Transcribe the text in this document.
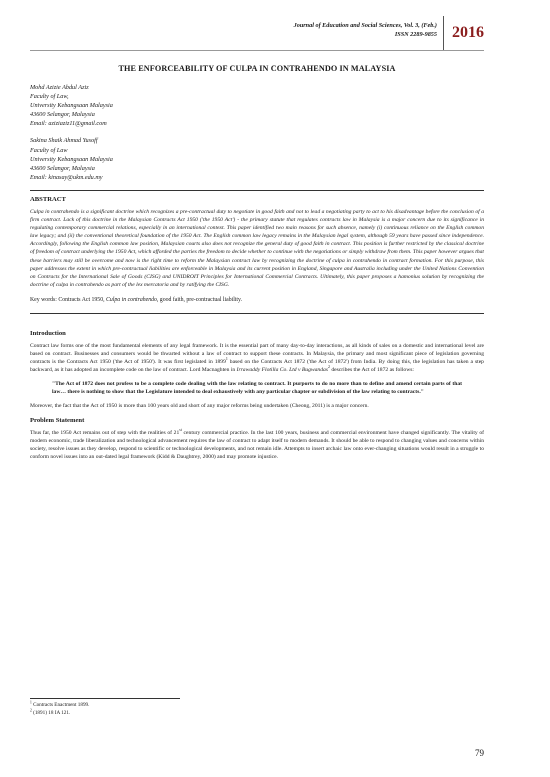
Journal of Education and Social Sciences, Vol. 3, (Feb.)
ISSN 2289-9855 2016
THE ENFORCEABILITY OF CULPA IN CONTRAHENDO IN MALAYSIA
Mohd Azizie Abdul Aziz
Faculty of Law,
University Kebangsaan Malaysia
43600 Selangor, Malaysia
Email: aziziaziz11@gmail.com
Sakina Shaik Ahmad Yusoff
Faculty of Law
University Kebangsaan Malaysia
43600 Selangor, Malaysia
Email: kinasay@ukm.edu.my
ABSTRACT

Culpa in contrahendo is a significant doctrine which recognizes a pre-contractual duty to negotiate in good faith and not to lead a negotiating party to act to his disadvantage before the conclusion of a firm contract. Lack of this doctrine in the Malaysian Contracts Act 1950 ('the 1950 Act') - the primary statute that regulates contracts law in Malaysia is a major concern due to its significance in regulating contemporary commercial relations, especially in an international context. This paper identified two main reasons for such absence, namely (i) continuous reliance on the English common law legacy; and (ii) the conventional theoretical foundation of the 1950 Act. The English common law legacy remains in the Malaysian legal system, although 59 years have passed since independence. Accordingly, following the English common law position, Malaysian courts also does not recognize the general duty of good faith in contract. This position is further restricted by the classical doctrine of freedom of contract underlying the 1950 Act, which afforded the parties the freedom to decide whether to continue with the negotiations or simply withdraw from them. This paper however argues that these barriers may still be overcome and now is the right time to reform the Malaysian contract law by recognizing the doctrine of culpa in contrahendo in contract formation. For this purpose, this paper addresses the extent in which pre-contractual liabilities are enforceable in Malaysia and its current position in England, Singapore and Australia including under the United Nations Convention on Contracts for the International Sale of Goods (CISG) and UNIDROIT Principles for International Commercial Contracts. Ultimately, this paper proposes a hamonius solution by recognizing the doctrine of culpa in contrahendo as part of the lex mercatoria and by ratifying the CISG.

Key words: Contracts Act 1950, Culpa in contrahendo, good faith, pre-contractual liability.
Introduction

Contract law forms one of the most fundamental elements of any legal framework. It is the essential part of many day-to-day interactions, as all kinds of sales on a domestic and international level are based on contract. Businesses and consumers would be thwarted without a law of contract to support these contracts. In Malaysia, the primary and most significant piece of legislation governing contracts is the Contracts Act 1950 ('the Act of 1950'). It was first legislated in 1899$^1$ based on the Contracts Act 1872 ('the Act of 1872') from India. By doing this, the legislation has taken a step backward, as it has adopted an incomplete code on the law of contract. Lord Macnaghten in Irrawaddy Flotilla Co. Ltd v Bugwandas$^2$ describes the Act of 1872 as follows:

"The Act of 1872 does not profess to be a complete code dealing with the law relating to contract. It purports to do no more than to define and amend certain parts of that law… there is nothing to show that the Legislature intended to deal exhaustively with any particular chapter or subdivision of the law relating to contracts."

Moreover, the fact that the Act of 1950 is more than 100 years old and short of any major reforms being undertaken (Cheong, 2011) is a major concern.

Problem Statement

Thus far, the 1950 Act remains out of step with the realities of 21st century commercial practice. In the last 100 years, business and commercial environment have changed significantly. The vitality of modern economic, trade liberalization and technological advancement requires the law of contract to adapt itself to modern demands. It should be able to respond to changing values and concerns within society, resolve issues as they develop, respond to scientific or technological developments, and not remain idle. Attempts to insert archaic law onto ever-changing situations would result in a struggle to conform novel issues into an out-dated legal framework (Kidd & Daughtrey, 2000) and may promote injustice.

$^1$ Contracts Enactment 1899.
$^2$ (1891) 18 IA 121.
79
